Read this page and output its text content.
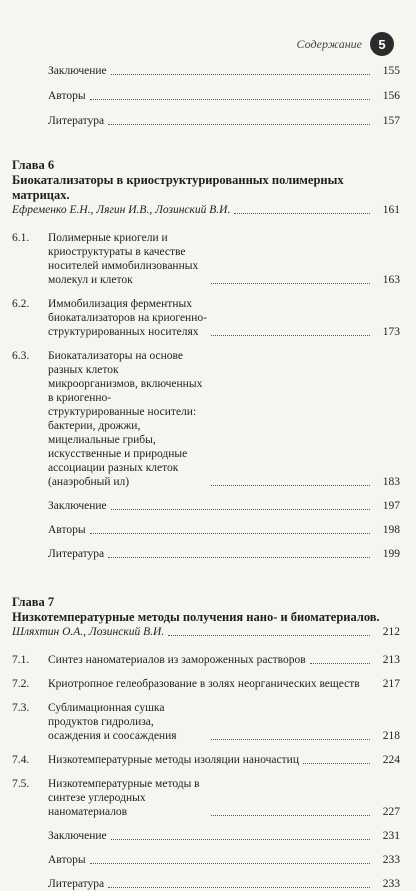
Содержание	5
Заключение	155
Авторы	156
Литература	157
Глава 6
Биокатализаторы в криоструктурированных полимерных матрицах.
Ефременко Е.Н., Лягин И.В., Лозинский В.И.	161
6.1.	Полимерные криогели и криоструктураты в качестве носителей иммобилизованных молекул и клеток	163
6.2.	Иммобилизация ферментных биокатализаторов на криогенно-структурированных носителях	173
6.3.	Биокатализаторы на основе разных клеток микроорганизмов, включенных в криогенно-структурированные носители: бактерии, дрожжи, мицелиальные грибы, искусственные и природные ассоциации разных клеток (анаэробный ил)	183
Заключение	197
Авторы	198
Литература	199
Глава 7
Низкотемпературные методы получения нано- и биоматериалов.
Шляхтин О.А., Лозинский В.И.	212
7.1.	Синтез наноматериалов из замороженных растворов	213
7.2.	Криотропное гелеобразование в золях неорганических веществ	217
7.3.	Сублимационная сушка продуктов гидролиза, осаждения и соосаждения	218
7.4.	Низкотемпературные методы изоляции наночастиц	224
7.5.	Низкотемпературные методы в синтезе углеродных наноматериалов	227
Заключение	231
Авторы	233
Литература	233
